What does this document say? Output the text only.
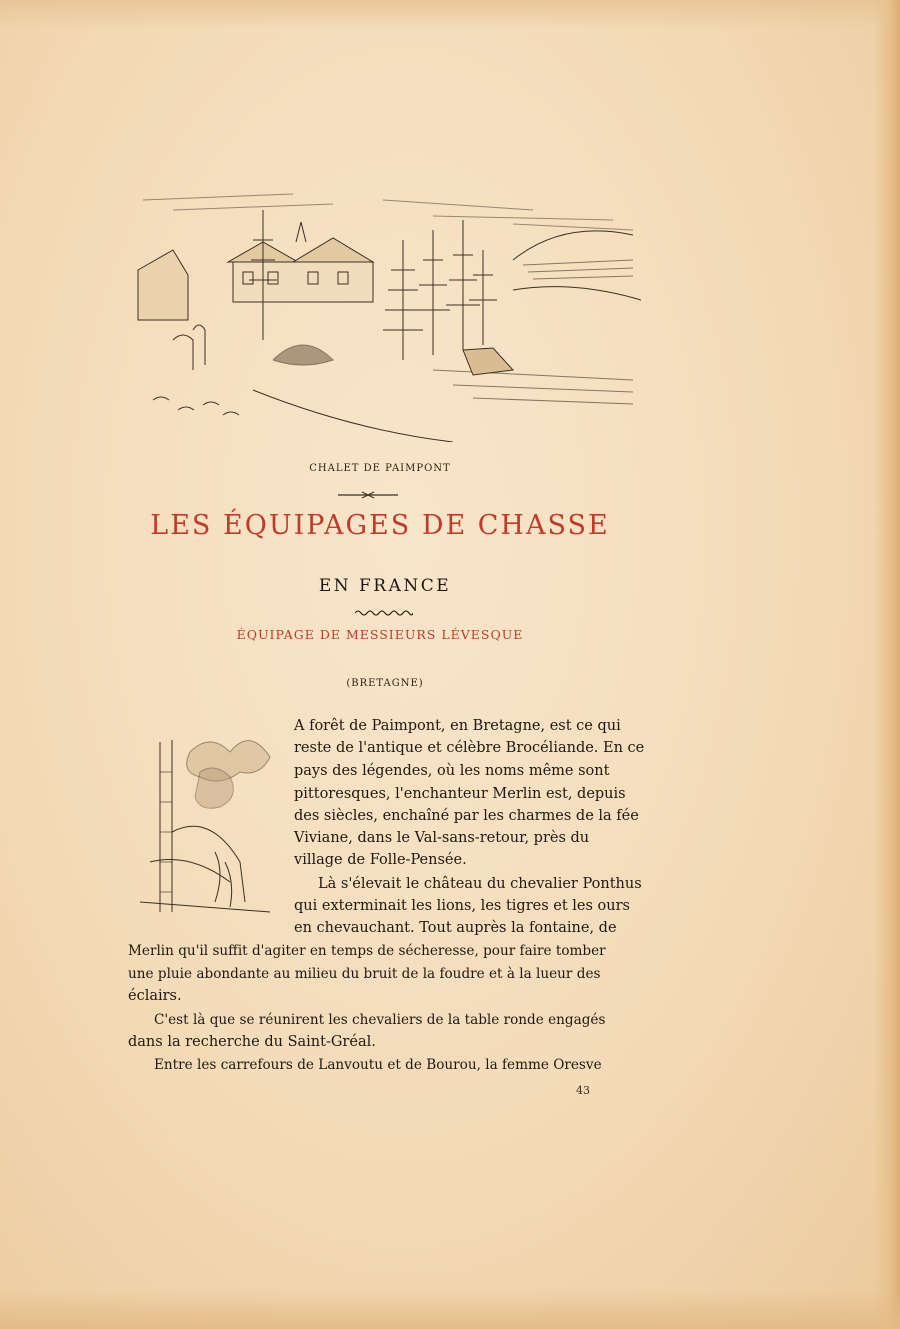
CHALET DE PAIMPONT
LES ÉQUIPAGES DE CHASSE
EN FRANCE
ÉQUIPAGE DE MESSIEURS LÉVESQUE
(BRETAGNE)
A forêt de Paimpont, en Bretagne, est ce qui
reste de l'antique et célèbre Brocéliande. En ce
pays des légendes, où les noms même sont
pittoresques, l'enchanteur Merlin est, depuis
des siècles, enchaîné par les charmes de la fée
Viviane, dans le Val-sans-retour, près du
village de Folle-Pensée.
Là s'élevait le château du chevalier Ponthus
qui exterminait les lions, les tigres et les ours
en chevauchant. Tout auprès la fontaine, de
Merlin qu'il suffit d'agiter en temps de sécheresse, pour faire tomber
une pluie abondante au milieu du bruit de la foudre et à la lueur des
éclairs.
C'est là que se réunirent les chevaliers de la table ronde engagés
dans la recherche du Saint-Gréal.
Entre les carrefours de Lanvoutu et de Bourou, la femme Oresve
43
